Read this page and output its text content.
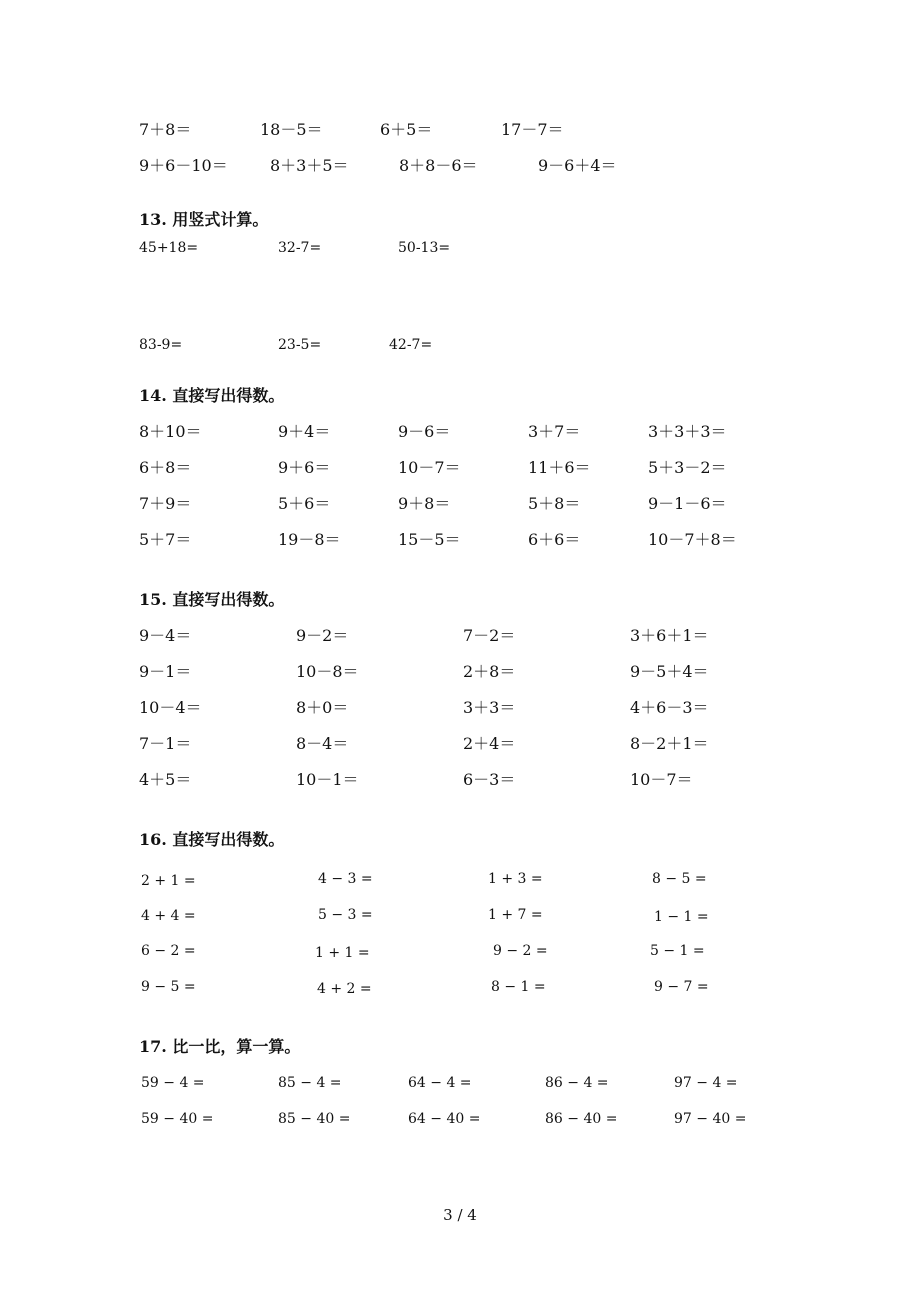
7＋8＝	18－5＝	6＋5＝	17－7＝
9＋6－10＝	8＋3＋5＝	8＋8－6＝	9－6＋4＝
13. 用竖式计算。
45+18=	32-7=	50-13=
83-9=	23-5=	42-7=
14. 直接写出得数。
8＋10＝	9＋4＝	9－6＝	3＋7＝	3＋3＋3＝
6＋8＝	9＋6＝	10－7＝	11＋6＝	5＋3－2＝
7＋9＝	5＋6＝	9＋8＝	5＋8＝	9－1－6＝
5＋7＝	19－8＝	15－5＝	6＋6＝	10－7＋8＝
15. 直接写出得数。
9－4＝	9－2＝	7－2＝	3＋6＋1＝
9－1＝	10－8＝	2＋8＝	9－5＋4＝
10－4＝	8＋0＝	3＋3＝	4＋6－3＝
7－1＝	8－4＝	2＋4＝	8－2＋1＝
4＋5＝	10－1＝	6－3＝	10－7＝
16. 直接写出得数。
2 + 1 =	4 − 3 =	1 + 3 =	8 − 5 =
4 + 4 =	5 − 3 =	1 + 7 =	1 − 1 =
6 − 2 =	1 + 1 =	9 − 2 =	5 − 1 =
9 − 5 =	4 + 2 =	8 − 1 =	9 − 7 =
17. 比一比，算一算。
59 − 4 =	85 − 4 =	64 − 4 =	86 − 4 =	97 − 4 =
59 − 40 =	85 − 40 =	64 − 40 =	86 − 40 =	97 − 40 =
3 / 4
